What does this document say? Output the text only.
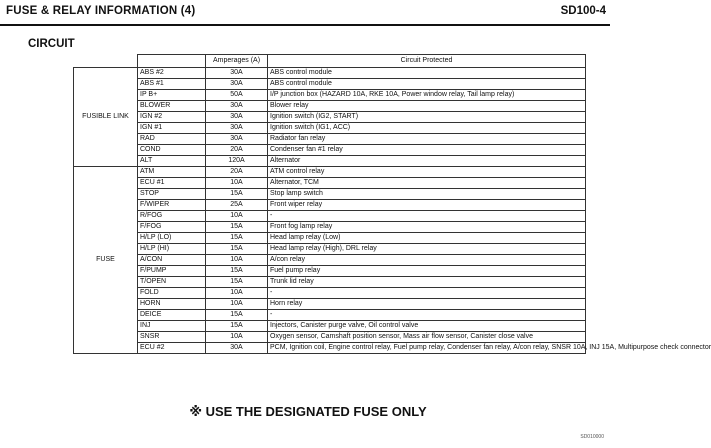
FUSE & RELAY INFORMATION (4)	SD100-4
CIRCUIT
		Amperages (A)	Circuit Protected
FUSIBLE LINK	ABS #2	30A	ABS control module
	ABS #1	30A	ABS control module
	IP B+	50A	I/P junction box (HAZARD 10A, RKE 10A, Power window relay, Tail lamp relay)
	BLOWER	30A	Blower relay
	IGN #2	30A	Ignition switch (IG2, START)
	IGN #1	30A	Ignition switch (IG1, ACC)
	RAD	30A	Radiator fan relay
	COND	20A	Condenser fan #1 relay
	ALT	120A	Alternator
FUSE	ATM	20A	ATM control relay
	ECU #1	10A	Alternator, TCM
	STOP	15A	Stop lamp switch
	F/WIPER	25A	Front wiper relay
	R/FOG	10A	-
	F/FOG	15A	Front fog lamp relay
	H/LP (LO)	15A	Head lamp relay (Low)
	H/LP (HI)	15A	Head lamp relay (High), DRL relay
	A/CON	10A	A/con relay
	F/PUMP	15A	Fuel pump relay
	T/OPEN	15A	Trunk lid relay
	FOLD	10A	-
	HORN	10A	Horn relay
	DEICE	15A	-
	INJ	15A	Injectors, Canister purge valve, Oil control valve
	SNSR	10A	Oxygen sensor, Camshaft position sensor, Mass air flow sensor, Canister close valve
	ECU #2	30A	PCM, Ignition coil, Engine control relay, Fuel pump relay, Condenser fan relay, A/con relay, SNSR 10A, INJ 15A, Multipurpose check connector
※ USE THE DESIGNATED FUSE ONLY
SD010000
